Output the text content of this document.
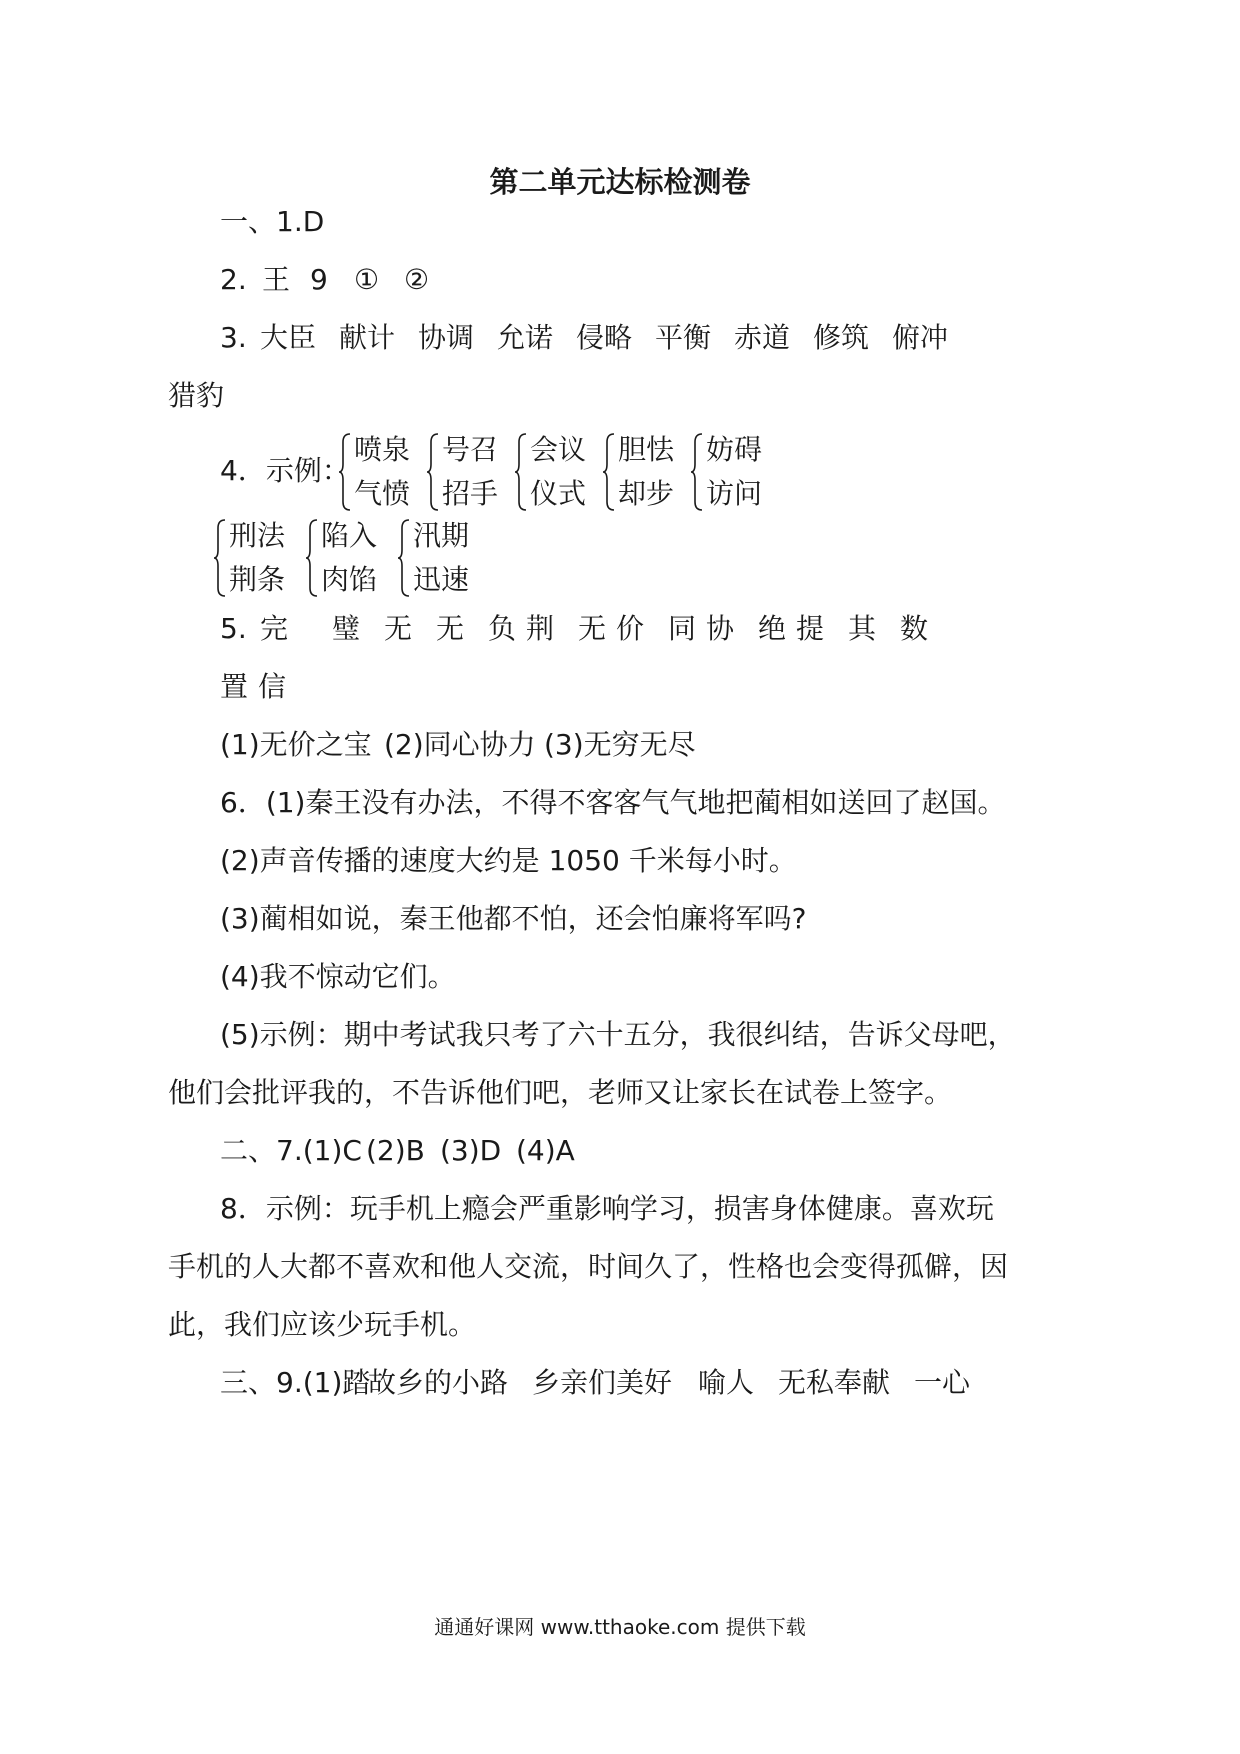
第二单元达标检测卷
一、1.D
2. 王 9 ① ②
3. 大臣 献计 协调 允诺 侵略 平衡 赤道 修筑 俯冲
猎豹
4．示例：
喷泉
气愤
号召
招手
会议
仪式
胆怯
却步
妨碍
访问
刑法
荆条
陷入
肉馅
汛期
迅速
5. 完 璧 无 无 负 荆 无 价 同 协 绝 提 其 数
置 信
(1)无价之宝 (2)同心协力 (3)无穷无尽
6．(1)秦王没有办法，不得不客客气气地把蔺相如送回了赵国。
(2)声音传播的速度大约是 1050 千米每小时。
(3)蔺相如说，秦王他都不怕，还会怕廉将军吗?
(4)我不惊动它们。
(5)示例：期中考试我只考了六十五分，我很纠结，告诉父母吧，
他们会批评我的，不告诉他们吧，老师又让家长在试卷上签字。
二、7.(1)C (2)B (3)D (4)A
8．示例：玩手机上瘾会严重影响学习，损害身体健康。喜欢玩
手机的人大都不喜欢和他人交流，时间久了，性格也会变得孤僻，因
此，我们应该少玩手机。
三、9.(1)踏故乡的小路 乡亲们美好 喻人 无私奉献 一心
通通好课网 www.tthaoke.com 提供下载
